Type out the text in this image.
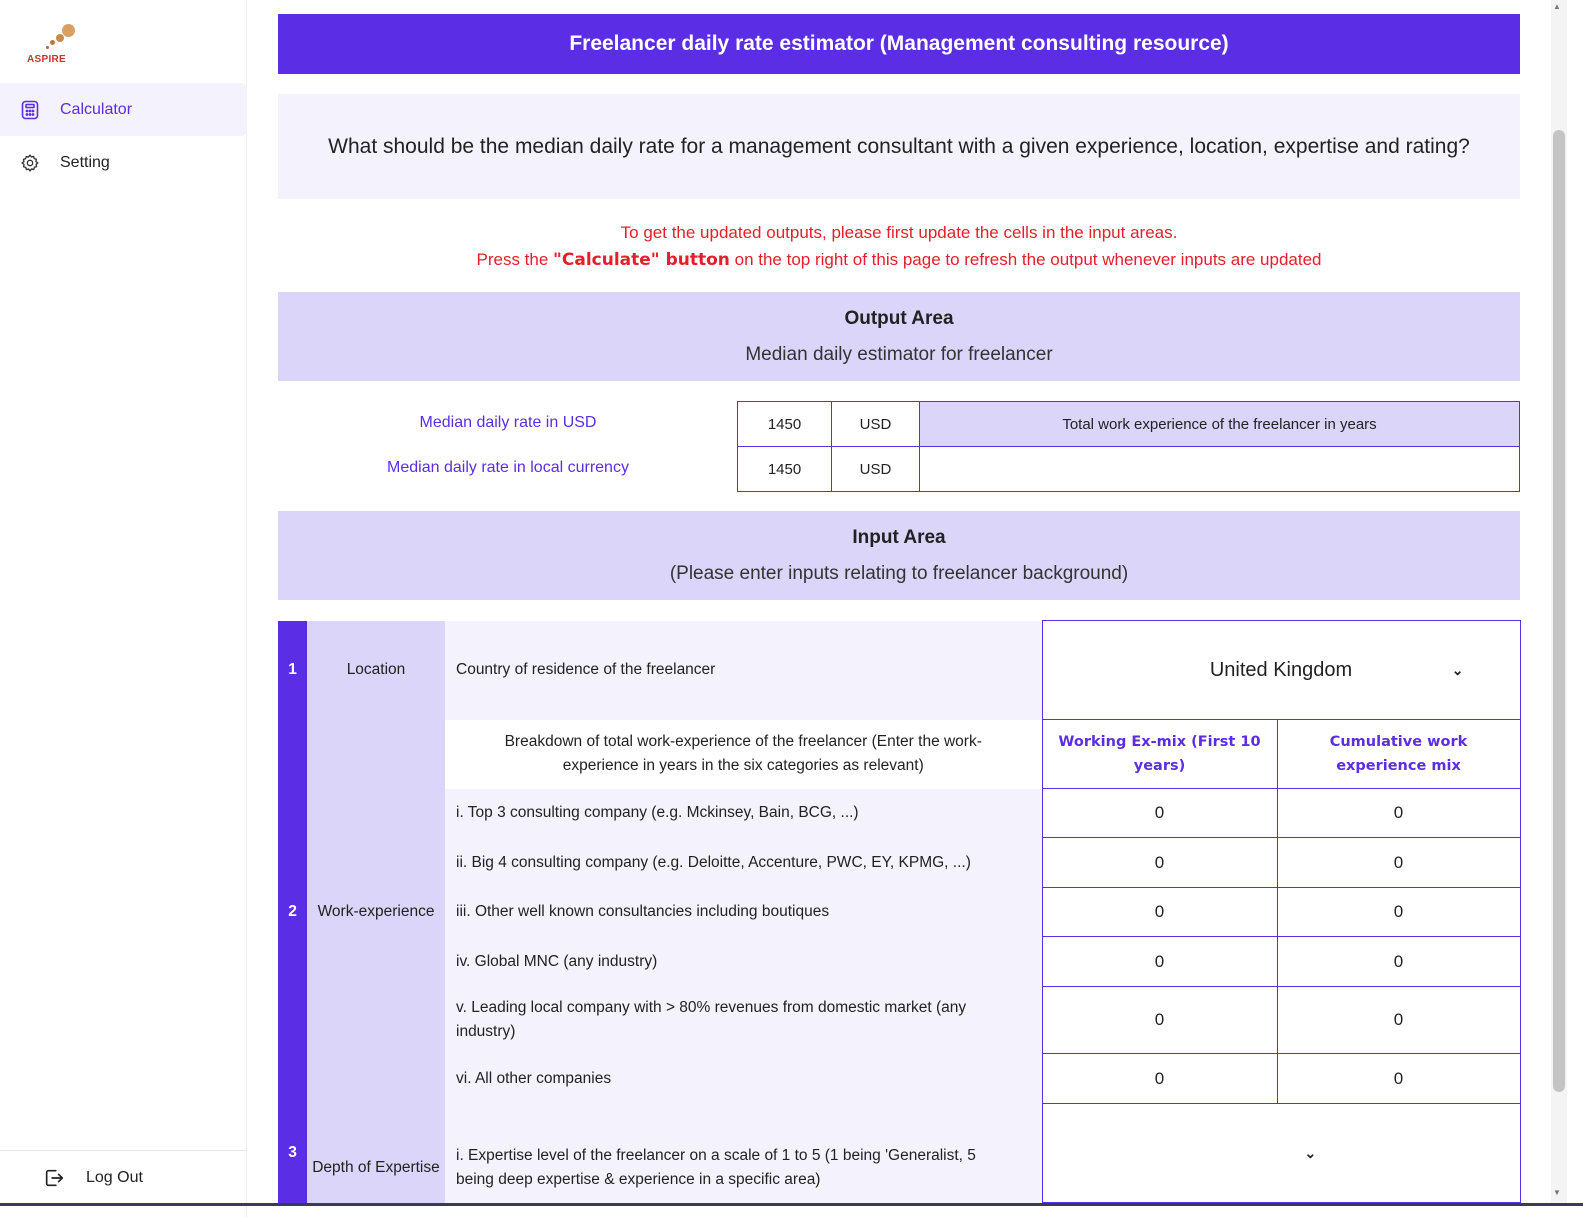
ASPIRE
Calculator
Setting
Log Out
Freelancer daily rate estimator (Management consulting resource)
What should be the median daily rate for a management consultant with a given experience, location, expertise and rating?
To get the updated outputs, please first update the cells in the input areas.
Press the "Calculate" button on the top right of this page to refresh the output whenever inputs are updated
Output Area
Median daily estimator for freelancer
Median daily rate in USD
Median daily rate in local currency
1450	USD	Total work experience of the freelancer in years
1450	USD	
Input Area
(Please enter inputs relating to freelancer background)
1	Location	Country of residence of the freelancer	United Kingdom ⌄	

2	Work-experience	Breakdown of total work-experience of the freelancer (Enter the work-experience in years in the six categories as relevant)	Working Ex-mix (First 10 years)	Cumulative work experience mix
		i. Top 3 consulting company (e.g. Mckinsey, Bain, BCG, ...)	0	0
		ii. Big 4 consulting company (e.g. Deloitte, Accenture, PWC, EY, KPMG, ...)	0	0
		iii. Other well known consultancies including boutiques	0	0
		iv. Global MNC (any industry)	0	0
		v. Leading local company with > 80% revenues from domestic market (any industry)	0	0
		vi. All other companies	0	0
3	Depth of Expertise	i. Expertise level of the freelancer on a scale of 1 to 5 (1 being 'Generalist, 5 being deep expertise & experience in a specific area)	⌄	
▲
▼
